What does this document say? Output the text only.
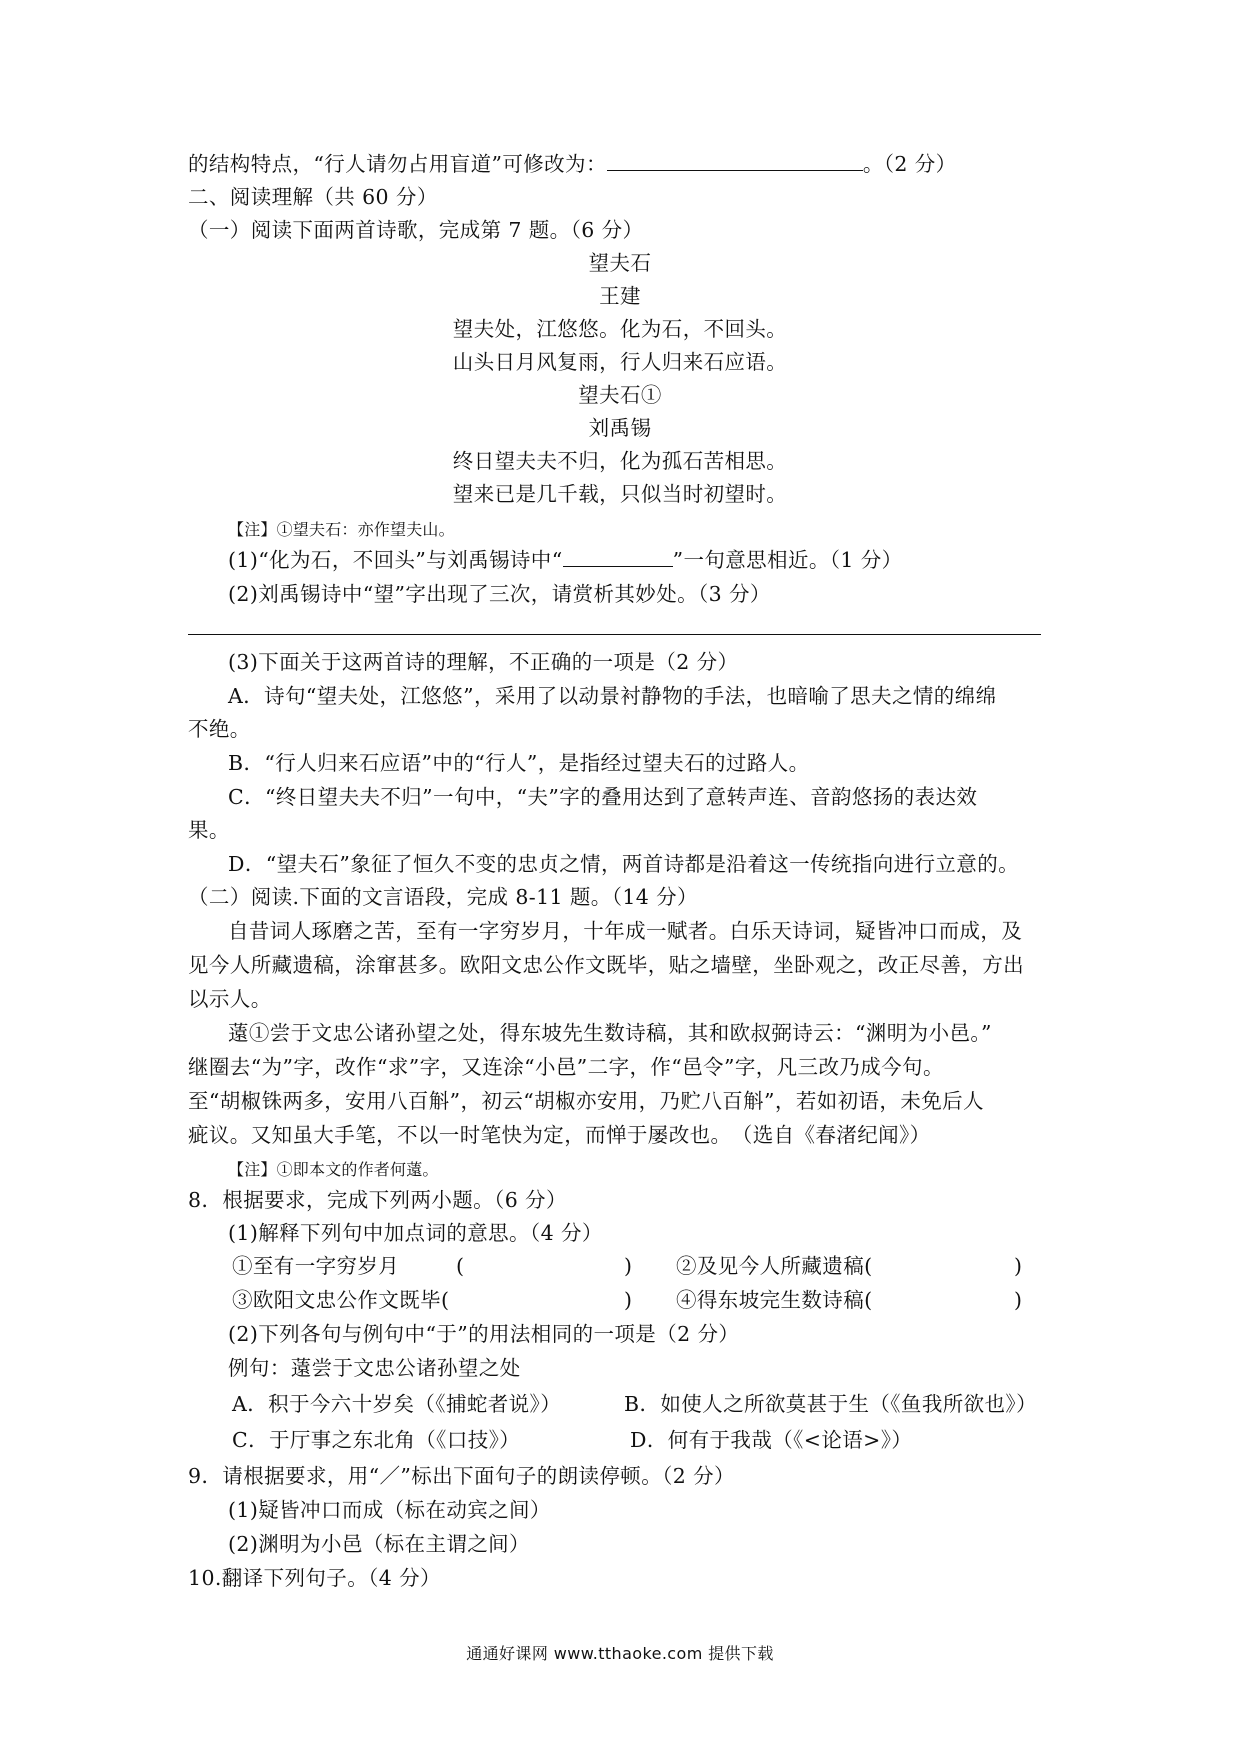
的结构特点，“行人请勿占用盲道”可修改为：	。（2 分）

二、阅读理解（共 60 分）

（一）阅读下面两首诗歌，完成第 7 题。（6 分）

望夫石

王建

望夫处，江悠悠。化为石，不回头。

山头日月风复雨，行人归来石应语。

望夫石①

刘禹锡

终日望夫夫不归，化为孤石苦相思。

望来已是几千载，只似当时初望时。

【注】①望夫石：亦作望夫山。

(1)“化为石，不回头”与刘禹锡诗中“	”一句意思相近。（1 分）

(2)刘禹锡诗中“望”字出现了三次，请赏析其妙处。（3 分）

(3)下面关于这两首诗的理解，不正确的一项是（2 分）

A．诗句“望夫处，江悠悠”，采用了以动景衬静物的手法，也暗喻了思夫之情的绵绵

不绝。

B．“行人归来石应语”中的“行人”，是指经过望夫石的过路人。

C．“终日望夫夫不归”一句中，“夫”字的叠用达到了意转声连、音韵悠扬的表达效

果。

D．“望夫石”象征了恒久不变的忠贞之情，两首诗都是沿着这一传统指向进行立意的。

（二）阅读.下面的文言语段，完成 8-11 题。（14 分）

自昔词人琢磨之苦，至有一字穷岁月，十年成一赋者。白乐天诗词，疑皆冲口而成，及

见今人所藏遗稿，涂窜甚多。欧阳文忠公作文既毕，贴之墙壁，坐卧观之，改正尽善，方出

以示人。

薳①尝于文忠公诸孙望之处，得东坡先生数诗稿，其和欧叔弼诗云：“渊明为小邑。”

继圈去“为”字，改作“求”字，又连涂“小邑”二字，作“邑令”字，凡三改乃成今句。

至“胡椒铢两多，安用八百斛”，初云“胡椒亦安用，乃贮八百斛”，若如初语，未免后人

疵议。又知虽大手笔，不以一时笔快为定，而惮于屡改也。　（选自《春渚纪闻》）

【注】①即本文的作者何薳。

8．根据要求，完成下列两小题。（6 分）

(1)解释下列句中加点词的意思。（4 分）

①至有一字穷岁月	(	) ②及见今人所藏遗稿(	)

③欧阳文忠公作文既毕(	) ④得东坡完生数诗稿(	)

(2)下列各句与例句中“于”的用法相同的一项是（2 分）

例句：薳尝于文忠公诸孙望之处

A．积于今六十岁矣（《捕蛇者说》）	B．如使人之所欲莫甚于生（《鱼我所欲也》）

C．于厅事之东北角（《口技》）	D．何有于我哉（《<论语>》）

9．请根据要求，用“／”标出下面句子的朗读停顿。（2 分）

(1)疑皆冲口而成（标在动宾之间）

(2)渊明为小邑（标在主谓之间）

10.翻译下列句子。（4 分）

通通好课网 www.tthaoke.com 提供下载
